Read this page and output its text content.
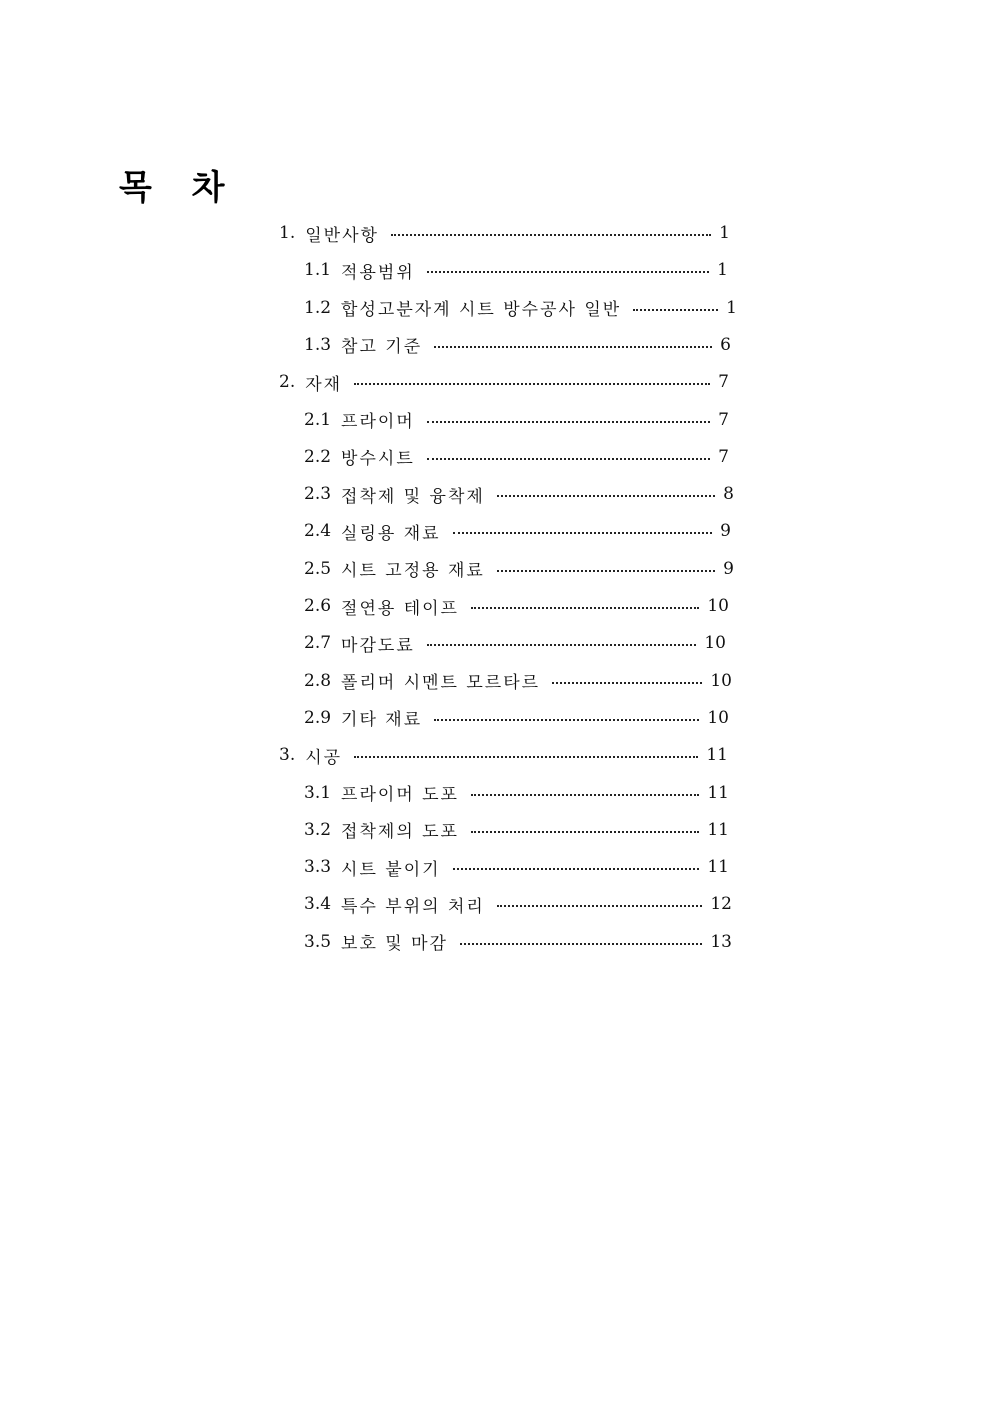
목 차
1. 일반사항	1
1.1 적용범위	1
1.2 합성고분자계 시트 방수공사 일반	1
1.3 참고 기준	6
2. 자재	7
2.1 프라이머	7
2.2 방수시트	7
2.3 접착제 및 융착제	8
2.4 실링용 재료	9
2.5 시트 고정용 재료	9
2.6 절연용 테이프	10
2.7 마감도료	10
2.8 폴리머 시멘트 모르타르	10
2.9 기타 재료	10
3. 시공	11
3.1 프라이머 도포	11
3.2 접착제의 도포	11
3.3 시트 붙이기	11
3.4 특수 부위의 처리	12
3.5 보호 및 마감	13
